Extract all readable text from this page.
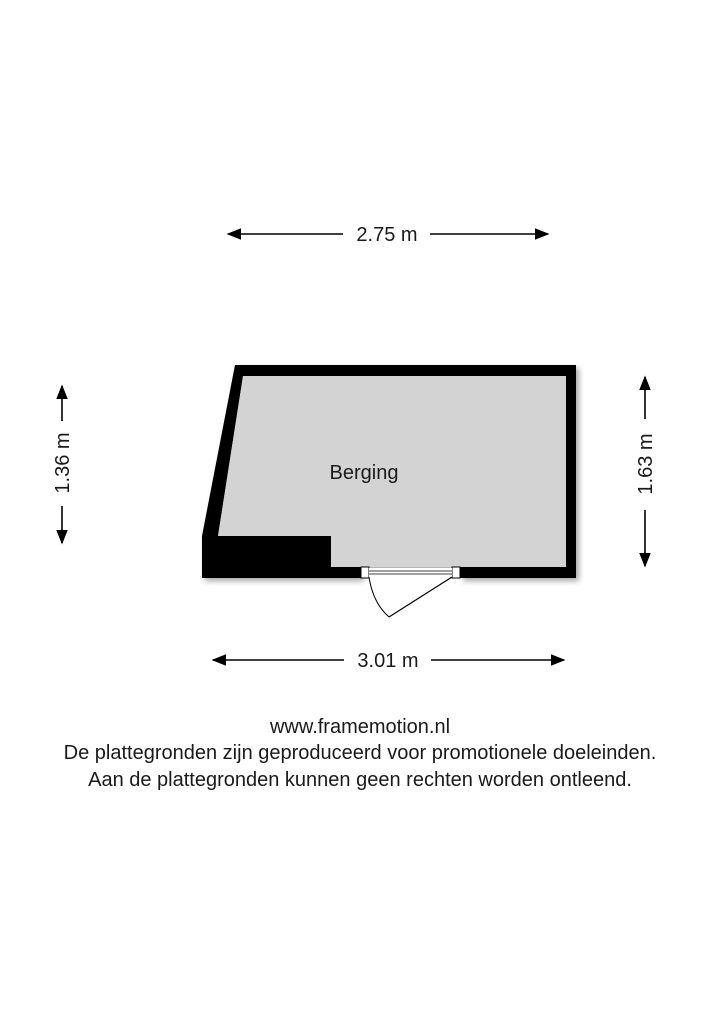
2.75 m
3.01 m
1.36 m	1.63 m
Berging
www.framemotion.nl
De plattegronden zijn geproduceerd voor promotionele doeleinden.
Aan de plattegronden kunnen geen rechten worden ontleend.
